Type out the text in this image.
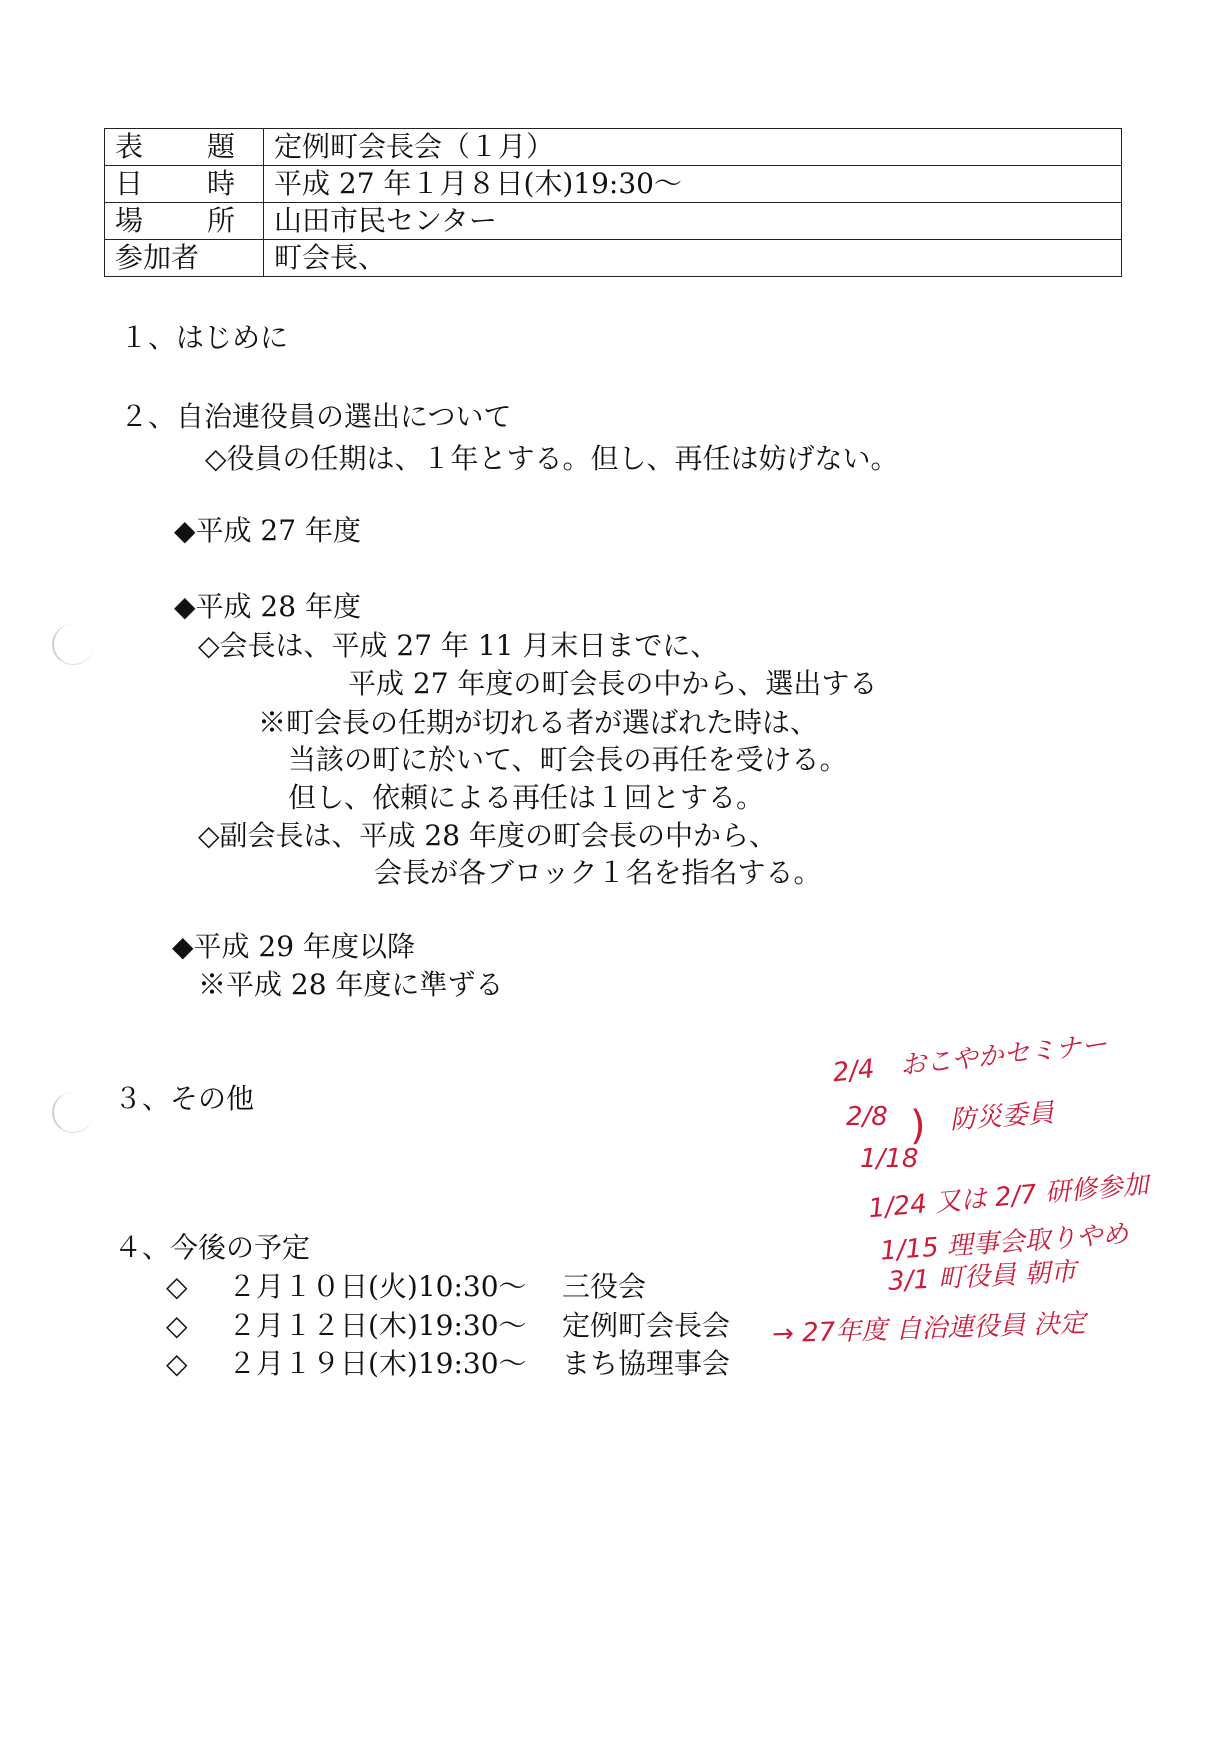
表　題	定例町会長会（１月）
日　時	平成 27 年１月８日(木)19:30～
場　所	山田市民センター
参加者	町会長、
１、はじめに
２、自治連役員の選出について
◇役員の任期は、１年とする。但し、再任は妨げない。
◆平成 27 年度
◆平成 28 年度
◇会長は、平成 27 年 11 月末日までに、
平成 27 年度の町会長の中から、選出する
※町会長の任期が切れる者が選ばれた時は、
当該の町に於いて、町会長の再任を受ける。
但し、依頼による再任は１回とする。
◇副会長は、平成 28 年度の町会長の中から、
会長が各ブロック１名を指名する。
◆平成 29 年度以降
※平成 28 年度に準ずる
３、その他
４、今後の予定
◇ ２月１０日(火)10:30～ 三役会
◇ ２月１２日(木)19:30～ 定例町会長会
◇ ２月１９日(木)19:30～ まち協理事会
2/4　おこやかセミナー
2/8
1/18
) 防災委員
1/24 又は 2/7 研修参加
1/15 理事会取りやめ
3/1 町役員 朝市
→ 27年度 自治連役員 決定
